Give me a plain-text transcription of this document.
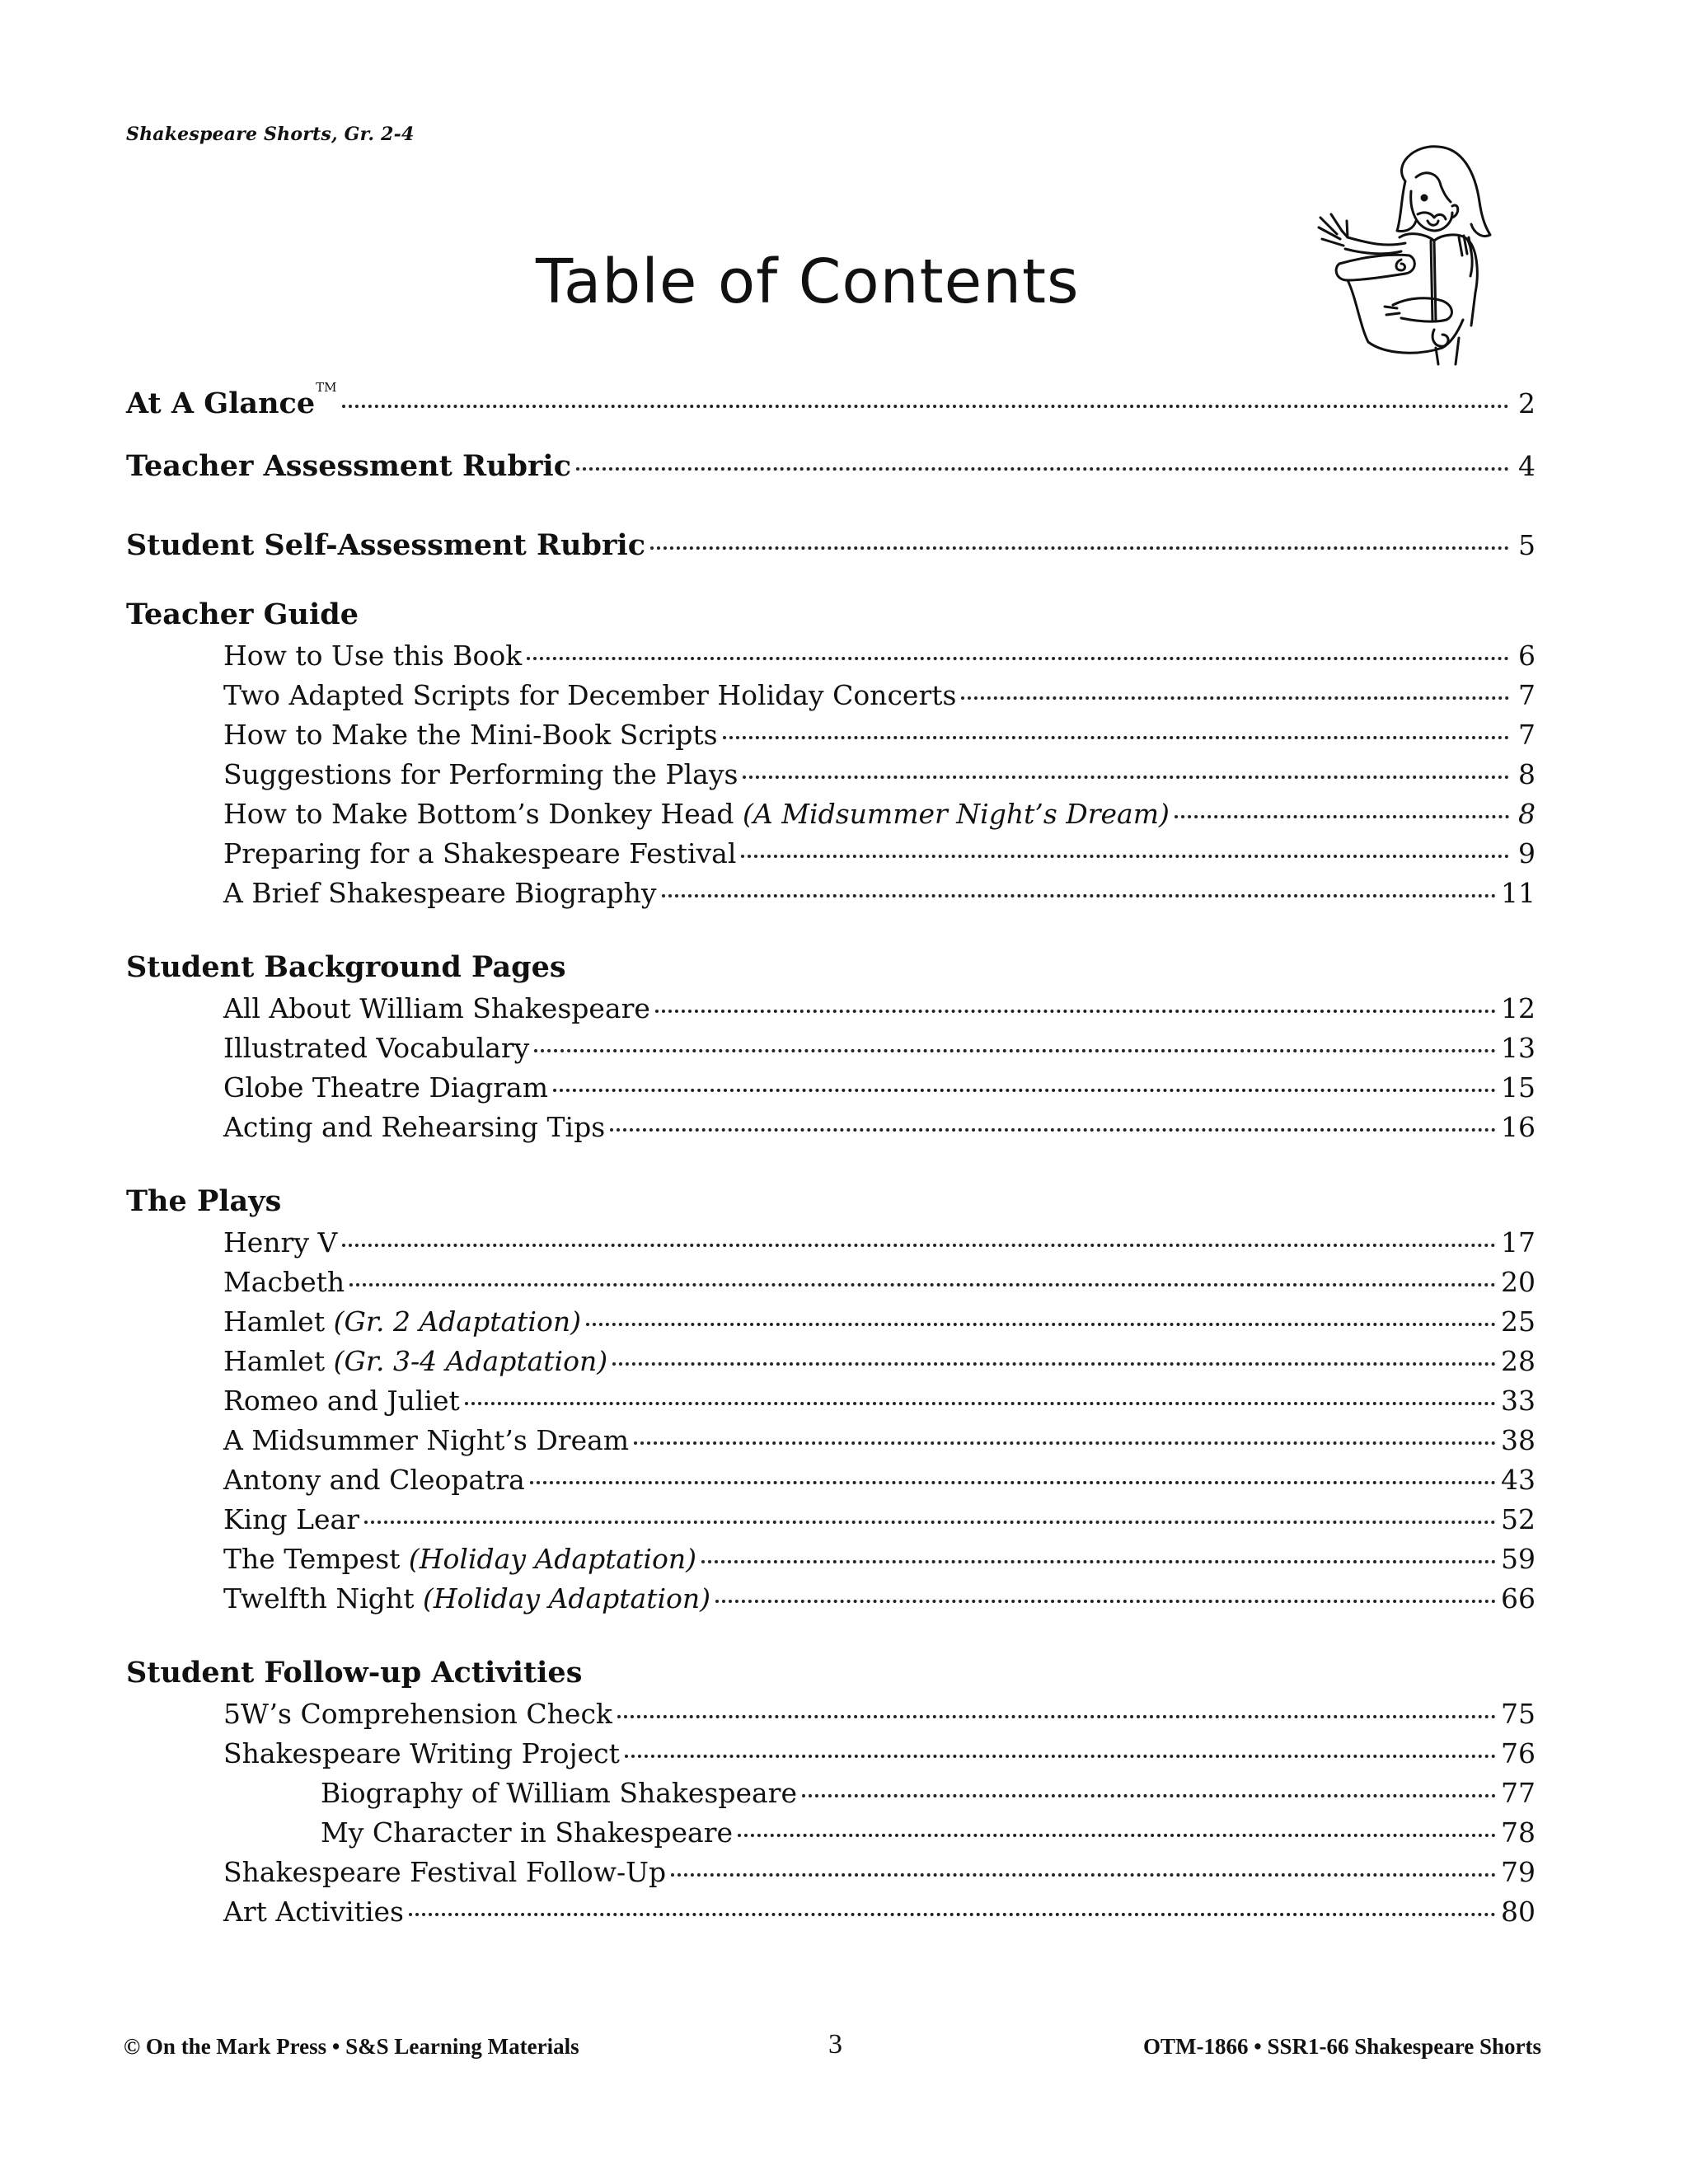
Shakespeare Shorts, Gr. 2-4
Table of Contents
At A Glance™	2
Teacher Assessment Rubric	4
Student Self-Assessment Rubric	5
Teacher Guide
How to Use this Book	6
Two Adapted Scripts for December Holiday Concerts	7
How to Make the Mini-Book Scripts	7
Suggestions for Performing the Plays	8
How to Make Bottom’s Donkey Head (A Midsummer Night’s Dream)	8
Preparing for a Shakespeare Festival	9
A Brief Shakespeare Biography	11
Student Background Pages
All About William Shakespeare	12
Illustrated Vocabulary	13
Globe Theatre Diagram	15
Acting and Rehearsing Tips	16
The Plays
Henry V	17
Macbeth	20
Hamlet (Gr. 2 Adaptation)	25
Hamlet (Gr. 3-4 Adaptation)	28
Romeo and Juliet	33
A Midsummer Night’s Dream	38
Antony and Cleopatra	43
King Lear	52
The Tempest (Holiday Adaptation)	59
Twelfth Night (Holiday Adaptation)	66
Student Follow-up Activities
5W’s Comprehension Check	75
Shakespeare Writing Project	76
Biography of William Shakespeare	77
My Character in Shakespeare	78
Shakespeare Festival Follow-Up	79
Art Activities	80
© On the Mark Press • S&S Learning Materials	3	OTM-1866 • SSR1-66 Shakespeare Shorts
